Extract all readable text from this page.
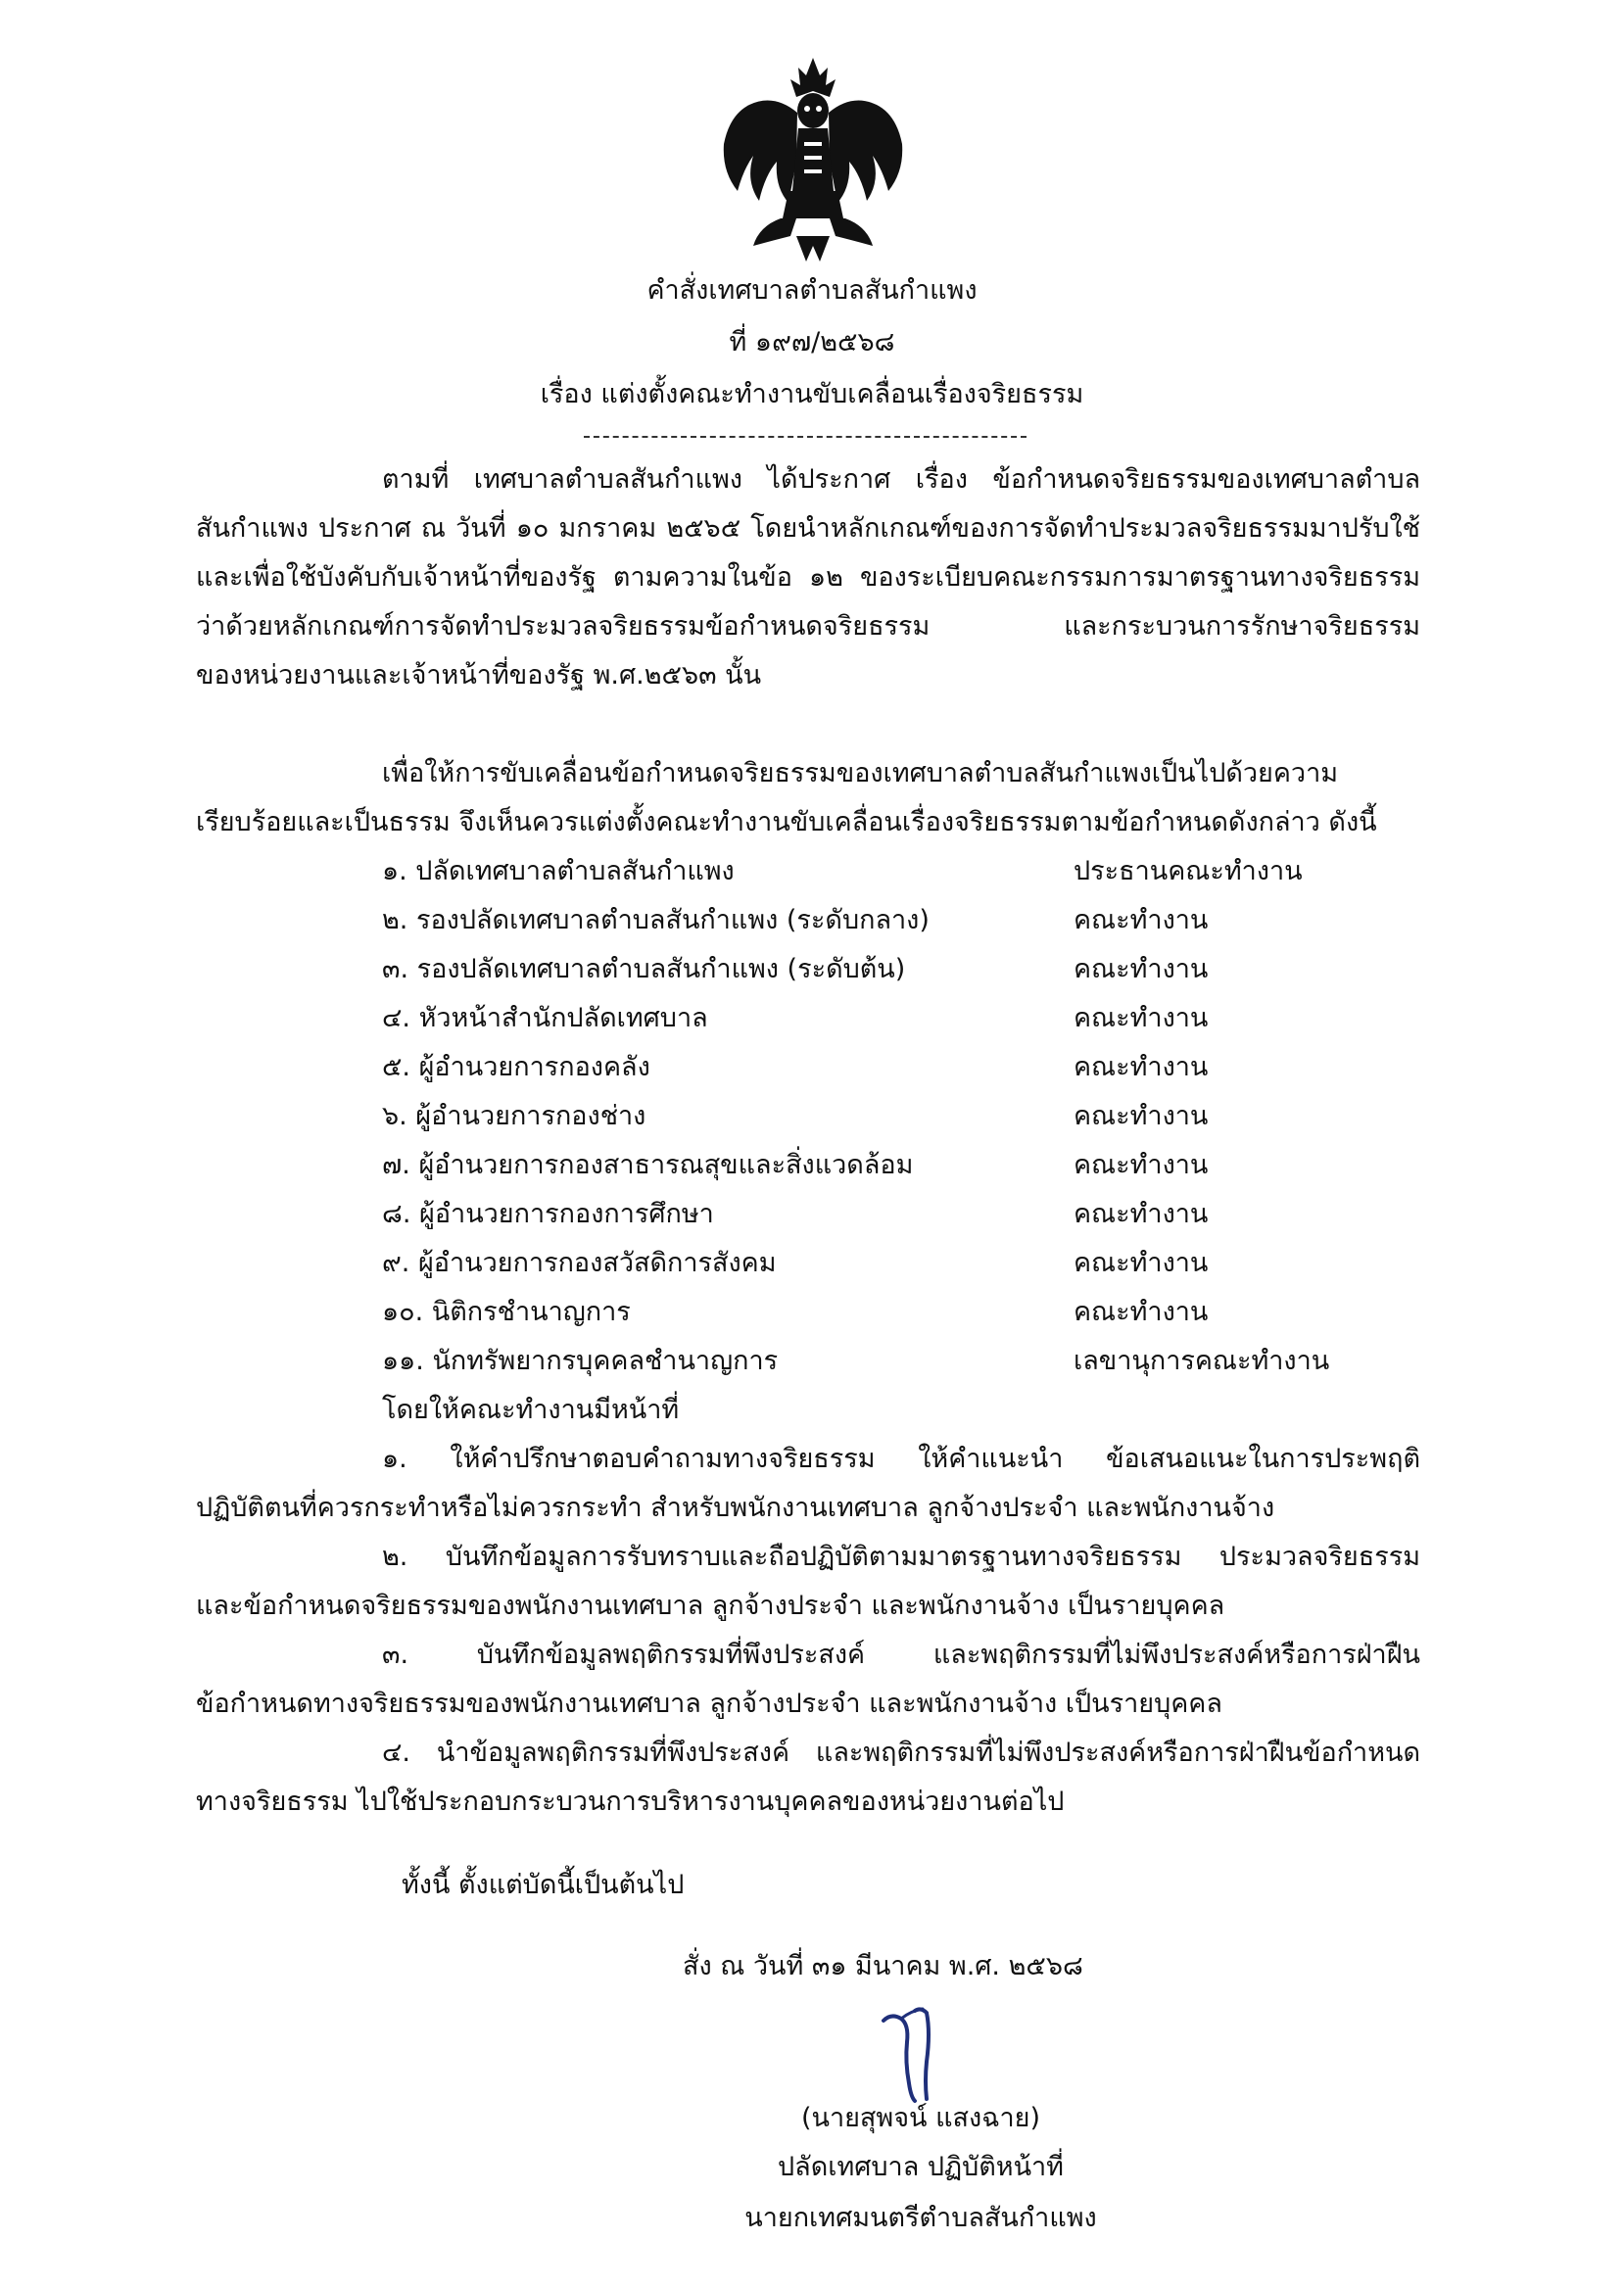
คำสั่งเทศบาลตำบลสันกำแพง
ที่ ๑๙๗/๒๕๖๘
เรื่อง แต่งตั้งคณะทำงานขับเคลื่อนเรื่องจริยธรรม
ตามที่ เทศบาลตำบลสันกำแพง ได้ประกาศ เรื่อง ข้อกำหนดจริยธรรมของเทศบาลตำบล
สันกำแพง ประกาศ ณ วันที่ ๑๐ มกราคม ๒๕๖๕ โดยนำหลักเกณฑ์ของการจัดทำประมวลจริยธรรมมาปรับใช้
และเพื่อใช้บังคับกับเจ้าหน้าที่ของรัฐ ตามความในข้อ ๑๒ ของระเบียบคณะกรรมการมาตรฐานทางจริยธรรม
ว่าด้วยหลักเกณฑ์การจัดทำประมวลจริยธรรมข้อกำหนดจริยธรรม และกระบวนการรักษาจริยธรรม
ของหน่วยงานและเจ้าหน้าที่ของรัฐ พ.ศ.๒๕๖๓ นั้น
เพื่อให้การขับเคลื่อนข้อกำหนดจริยธรรมของเทศบาลตำบลสันกำแพงเป็นไปด้วยความ
เรียบร้อยและเป็นธรรม จึงเห็นควรแต่งตั้งคณะทำงานขับเคลื่อนเรื่องจริยธรรมตามข้อกำหนดดังกล่าว ดังนี้
๑. ปลัดเทศบาลตำบลสันกำแพง	ประธานคณะทำงาน
๒. รองปลัดเทศบาลตำบลสันกำแพง (ระดับกลาง)	คณะทำงาน
๓. รองปลัดเทศบาลตำบลสันกำแพง (ระดับต้น)	คณะทำงาน
๔. หัวหน้าสำนักปลัดเทศบาล	คณะทำงาน
๕. ผู้อำนวยการกองคลัง	คณะทำงาน
๖. ผู้อำนวยการกองช่าง	คณะทำงาน
๗. ผู้อำนวยการกองสาธารณสุขและสิ่งแวดล้อม	คณะทำงาน
๘. ผู้อำนวยการกองการศึกษา	คณะทำงาน
๙. ผู้อำนวยการกองสวัสดิการสังคม	คณะทำงาน
๑๐. นิติกรชำนาญการ	คณะทำงาน
๑๑. นักทรัพยากรบุคคลชำนาญการ	เลขานุการคณะทำงาน
โดยให้คณะทำงานมีหน้าที่
๑. ให้คำปรึกษาตอบคำถามทางจริยธรรม ให้คำแนะนำ ข้อเสนอแนะในการประพฤติ
ปฏิบัติตนที่ควรกระทำหรือไม่ควรกระทำ สำหรับพนักงานเทศบาล ลูกจ้างประจำ และพนักงานจ้าง
๒. บันทึกข้อมูลการรับทราบและถือปฏิบัติตามมาตรฐานทางจริยธรรม ประมวลจริยธรรม
และข้อกำหนดจริยธรรมของพนักงานเทศบาล ลูกจ้างประจำ และพนักงานจ้าง เป็นรายบุคคล
๓. บันทึกข้อมูลพฤติกรรมที่พึงประสงค์ และพฤติกรรมที่ไม่พึงประสงค์หรือการฝ่าฝืน
ข้อกำหนดทางจริยธรรมของพนักงานเทศบาล ลูกจ้างประจำ และพนักงานจ้าง เป็นรายบุคคล
๔. นำข้อมูลพฤติกรรมที่พึงประสงค์ และพฤติกรรมที่ไม่พึงประสงค์หรือการฝ่าฝืนข้อกำหนด
ทางจริยธรรม ไปใช้ประกอบกระบวนการบริหารงานบุคคลของหน่วยงานต่อไป
ทั้งนี้ ตั้งแต่บัดนี้เป็นต้นไป
สั่ง ณ วันที่ ๓๑ มีนาคม พ.ศ. ๒๕๖๘
(นายสุพจน์ แสงฉาย)
ปลัดเทศบาล ปฏิบัติหน้าที่
นายกเทศมนตรีตำบลสันกำแพง
